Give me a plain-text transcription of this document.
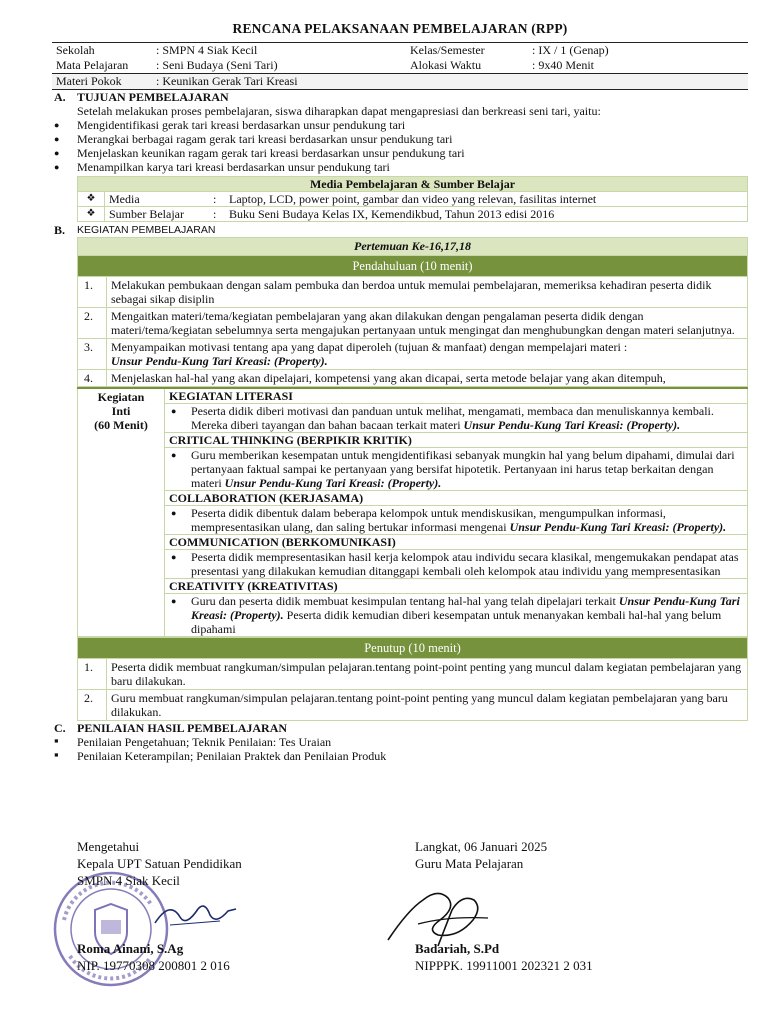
RENCANA PELAKSANAAN PEMBELAJARAN (RPP)
Sekolah	: SMPN 4 Siak Kecil	Kelas/Semester	: IX / 1 (Genap)
Mata Pelajaran	: Seni Budaya (Seni Tari)	Alokasi Waktu	: 9x40 Menit
Materi Pokok	: Keunikan Gerak Tari Kreasi		
A. TUJUAN PEMBELAJARAN
Setelah melakukan proses pembelajaran, siswa diharapkan dapat mengapresiasi dan berkreasi seni tari, yaitu:
● Mengidentifikasi gerak tari kreasi berdasarkan unsur pendukung tari
● Merangkai berbagai ragam gerak tari kreasi berdasarkan unsur pendukung tari
● Menjelaskan keunikan ragam gerak tari kreasi berdasarkan unsur pendukung tari
● Menampilkan karya tari kreasi berdasarkan unsur pendukung tari
Media Pembelajaran & Sumber Belajar			
❖	Media	:	Laptop, LCD, power point, gambar dan video yang relevan, fasilitas internet
❖	Sumber Belajar	:	Buku Seni Budaya Kelas IX, Kemendikbud, Tahun 2013 edisi 2016
B. KEGIATAN PEMBELAJARAN
Pertemuan Ke-16,17,18	
Pendahuluan (10 menit)	
1.	Melakukan pembukaan dengan salam pembuka dan berdoa untuk memulai pembelajaran, memeriksa kehadiran peserta didik sebagai sikap disiplin
2.	Mengaitkan materi/tema/kegiatan pembelajaran yang akan dilakukan dengan pengalaman peserta didik dengan materi/tema/kegiatan sebelumnya serta mengajukan pertanyaan untuk mengingat dan menghubungkan dengan materi selanjutnya.
3.	Menyampaikan motivasi tentang apa yang dapat diperoleh (tujuan & manfaat) dengan mempelajari materi :
Unsur Pendu-Kung Tari Kreasi: (Property).
4.	Menjelaskan hal-hal yang akan dipelajari, kompetensi yang akan dicapai, serta metode belajar yang akan ditempuh,
Kegiatan
Inti
(60 Menit)

KEGIATAN LITERASI
● Peserta didik diberi motivasi dan panduan untuk melihat, mengamati, membaca dan menuliskannya kembali. Mereka diberi tayangan dan bahan bacaan terkait materi Unsur Pendu-Kung Tari Kreasi: (Property).
CRITICAL THINKING (BERPIKIR KRITIK)
● Guru memberikan kesempatan untuk mengidentifikasi sebanyak mungkin hal yang belum dipahami, dimulai dari pertanyaan faktual sampai ke pertanyaan yang bersifat hipotetik. Pertanyaan ini harus tetap berkaitan dengan materi Unsur Pendu-Kung Tari Kreasi: (Property).
COLLABORATION (KERJASAMA)
● Peserta didik dibentuk dalam beberapa kelompok untuk mendiskusikan, mengumpulkan informasi, mempresentasikan ulang, dan saling bertukar informasi mengenai Unsur Pendu-Kung Tari Kreasi: (Property).
COMMUNICATION (BERKOMUNIKASI)
● Peserta didik mempresentasikan hasil kerja kelompok atau individu secara klasikal, mengemukakan pendapat atas presentasi yang dilakukan kemudian ditanggapi kembali oleh kelompok atau individu yang mempresentasikan
CREATIVITY (KREATIVITAS)
● Guru dan peserta didik membuat kesimpulan tentang hal-hal yang telah dipelajari terkait Unsur Pendu-Kung Tari Kreasi: (Property). Peserta didik kemudian diberi kesempatan untuk menanyakan kembali hal-hal yang belum dipahami
Penutup (10 menit)	
1.	Peserta didik membuat rangkuman/simpulan pelajaran.tentang point-point penting yang muncul dalam kegiatan pembelajaran yang baru dilakukan.
2.	Guru membuat rangkuman/simpulan pelajaran.tentang point-point penting yang muncul dalam kegiatan pembelajaran yang baru dilakukan.
C. PENILAIAN HASIL PEMBELAJARAN
▪ Penilaian Pengetahuan; Teknik Penilaian: Tes Uraian
▪ Penilaian Keterampilan; Penilaian Praktek dan Penilaian Produk
Mengetahui	Langkat, 06 Januari 2025
Kepala UPT Satuan Pendidikan	Guru Mata Pelajaran
SMPN 4 Siak Kecil
Roma Ainani, S.Ag	Badariah, S.Pd
NIP. 19770308 200801 2 016	NIPPPK. 19911001 202321 2 031
